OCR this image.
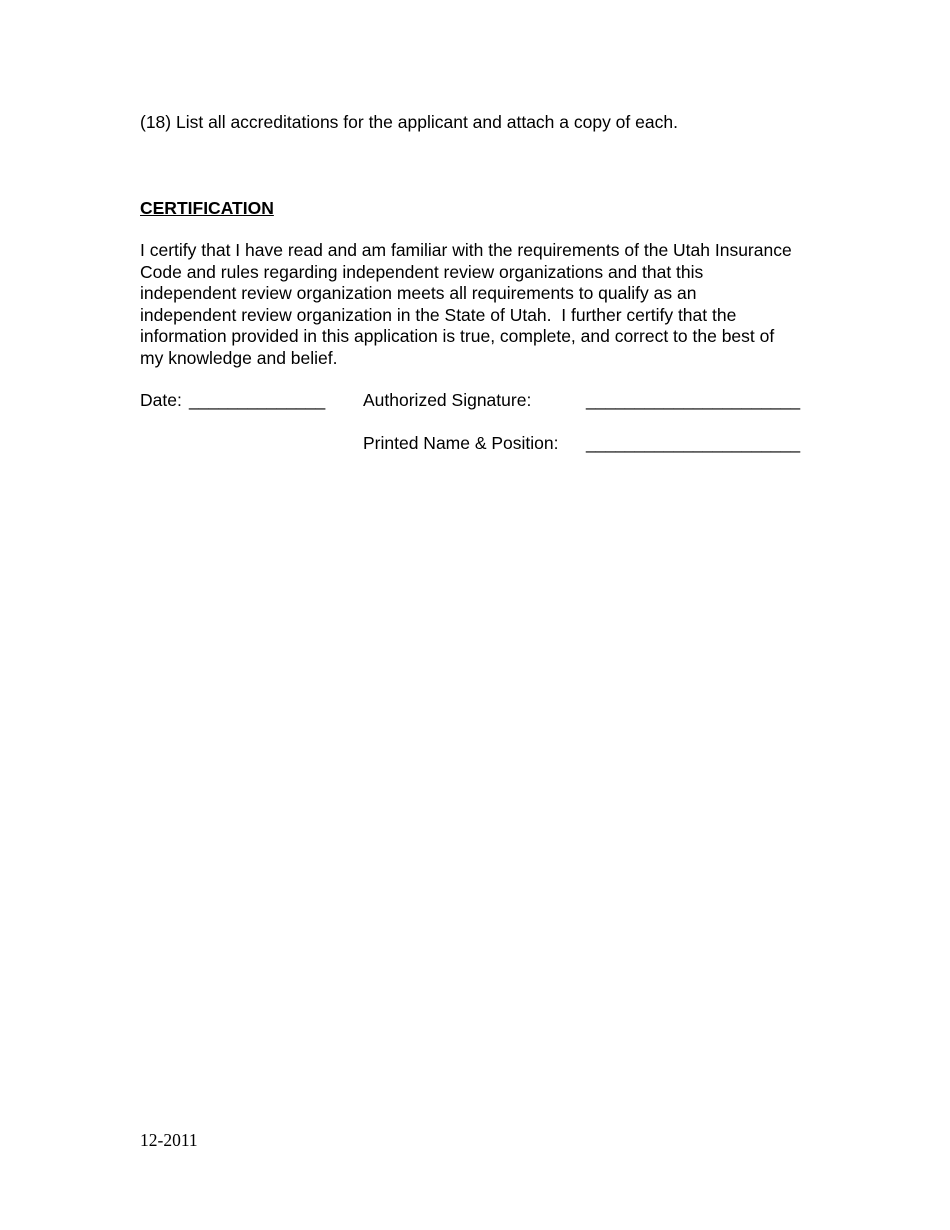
(18) List all accreditations for the applicant and attach a copy of each.

CERTIFICATION

I certify that I have read and am familiar with the requirements of the Utah Insurance
Code and rules regarding independent review organizations and that this
independent review organization meets all requirements to qualify as an
independent review organization in the State of Utah.  I further certify that the
information provided in this application is true, complete, and correct to the best of
my knowledge and belief.

Date: ______________ Authorized Signature:	______________________

Printed Name & Position: ______________________

12-2011
